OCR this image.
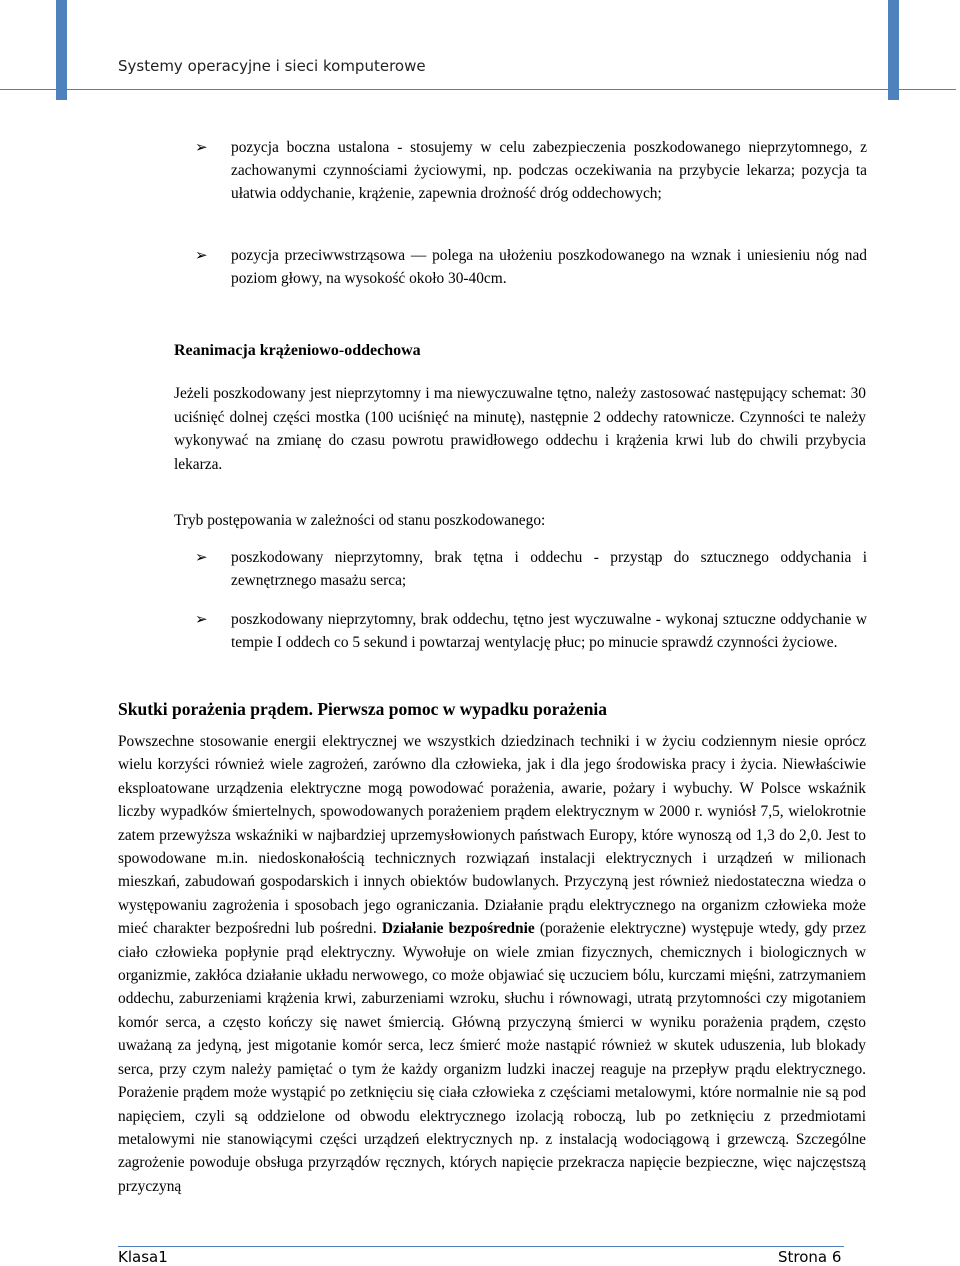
Systemy operacyjne i sieci komputerowe
➢ pozycja boczna ustalona - stosujemy w celu zabezpieczenia poszkodowanego nieprzytomnego, z zachowanymi czynnościami życiowymi, np. podczas oczekiwania na przybycie lekarza; pozycja ta ułatwia oddychanie, krążenie, zapewnia drożność dróg oddechowych;
➢ pozycja przeciwwstrząsowa — polega na ułożeniu poszkodowanego na wznak i uniesieniu nóg nad poziom głowy, na wysokość około 30-40cm.
Reanimacja krążeniowo-oddechowa
Jeżeli poszkodowany jest nieprzytomny i ma niewyczuwalne tętno, należy zastosować następujący schemat: 30 uciśnięć dolnej części mostka (100 uciśnięć na minutę), następnie 2 oddechy ratownicze. Czynności te należy wykonywać na zmianę do czasu powrotu prawidłowego oddechu i krążenia krwi lub do chwili przybycia lekarza.
Tryb postępowania w zależności od stanu poszkodowanego:
➢ poszkodowany nieprzytomny, brak tętna i oddechu - przystąp do sztucznego oddychania i zewnętrznego masażu serca;
➢ poszkodowany nieprzytomny, brak oddechu, tętno jest wyczuwalne - wykonaj sztuczne oddychanie w tempie I oddech co 5 sekund i powtarzaj wentylację płuc; po minucie sprawdź czynności życiowe.
Skutki porażenia prądem. Pierwsza pomoc w wypadku porażenia
Powszechne stosowanie energii elektrycznej we wszystkich dziedzinach techniki i w życiu codziennym niesie oprócz wielu korzyści również wiele zagrożeń, zarówno dla człowieka, jak i dla jego środowiska pracy i życia. Niewłaściwie eksploatowane urządzenia elektryczne mogą powodować porażenia, awarie, pożary i wybuchy. W Polsce wskaźnik liczby wypadków śmiertelnych, spowodowanych porażeniem prądem elektrycznym w 2000 r. wyniósł 7,5, wielokrotnie zatem przewyższa wskaźniki w najbardziej uprzemysłowionych państwach Europy, które wynoszą od 1,3 do 2,0. Jest to spowodowane m.in. niedoskonałością technicznych rozwiązań instalacji elektrycznych i urządzeń w milionach mieszkań, zabudowań gospodarskich i innych obiektów budowlanych. Przyczyną jest również niedostateczna wiedza o występowaniu zagrożenia i sposobach jego ograniczania. Działanie prądu elektrycznego na organizm człowieka może mieć charakter bezpośredni lub pośredni. Działanie bezpośrednie (porażenie elektryczne) występuje wtedy, gdy przez ciało człowieka popłynie prąd elektryczny. Wywołuje on wiele zmian fizycznych, chemicznych i biologicznych w organizmie, zakłóca działanie układu nerwowego, co może objawiać się uczuciem bólu, kurczami mięśni, zatrzymaniem oddechu, zaburzeniami krążenia krwi, zaburzeniami wzroku, słuchu i równowagi, utratą przytomności czy migotaniem komór serca, a często kończy się nawet śmiercią. Główną przyczyną śmierci w wyniku porażenia prądem, często uważaną za jedyną, jest migotanie komór serca, lecz śmierć może nastąpić również w skutek uduszenia, lub blokady serca, przy czym należy pamiętać o tym że każdy organizm ludzki inaczej reaguje na przepływ prądu elektrycznego. Porażenie prądem może wystąpić po zetknięciu się ciała człowieka z częściami metalowymi, które normalnie nie są pod napięciem, czyli są oddzielone od obwodu elektrycznego izolacją roboczą, lub po zetknięciu z przedmiotami metalowymi nie stanowiącymi części urządzeń elektrycznych np. z instalacją wodociągową i grzewczą. Szczególne zagrożenie powoduje obsługa przyrządów ręcznych, których napięcie przekracza napięcie bezpieczne, więc najczęstszą przyczyną
Klasa1	Strona 6
